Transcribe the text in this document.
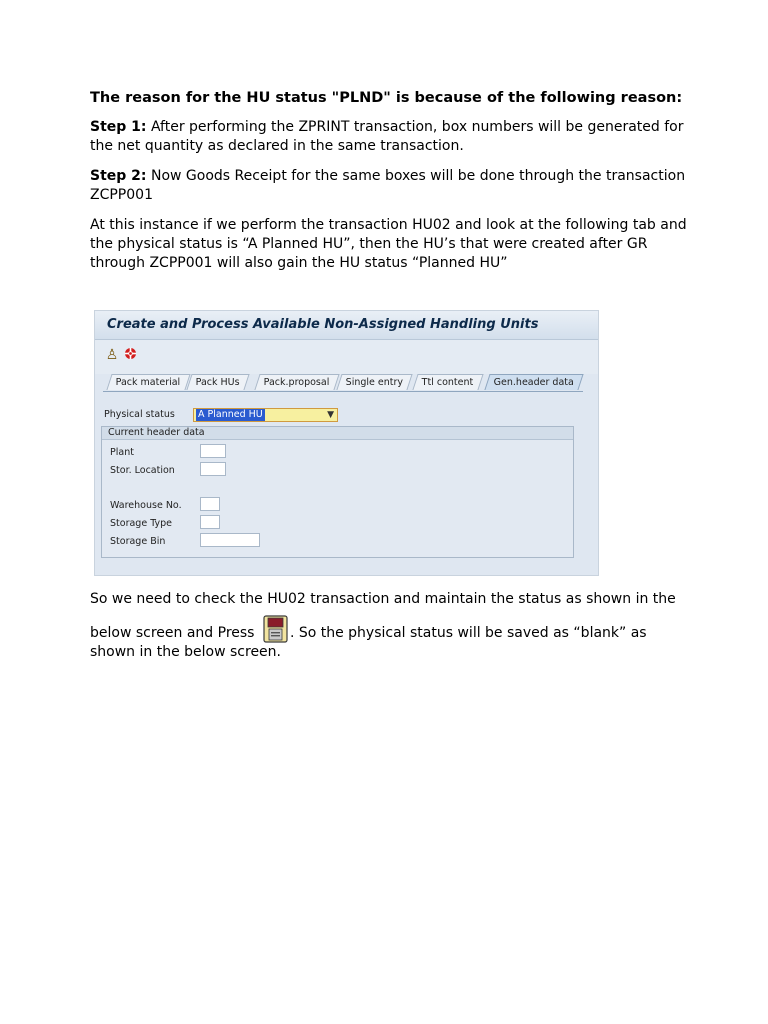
The reason for the HU status "PLND" is because of the following reason:

Step 1: After performing the ZPRINT transaction, box numbers will be generated for the net quantity as declared in the same transaction.

Step 2: Now Goods Receipt for the same boxes will be done through the transaction ZCPP001

At this instance if we perform the transaction HU02 and look at the following tab and the physical status is “A Planned HU”, then the HU’s that were created after GR through ZCPP001 will also gain the HU status “Planned HU”

Create and Process Available Non-Assigned Handling Units
♙
Pack material	Pack HUs	Pack.proposal	Single entry	Ttl content	Gen.header data
Physical status A Planned HU	▼
Current header data
Plant
Stor. Location
Warehouse No.
Storage Type
Storage Bin
So we need to check the HU02 transaction and maintain the status as shown in the below screen and Press . So the physical status will be saved as “blank” as shown in the below screen.
